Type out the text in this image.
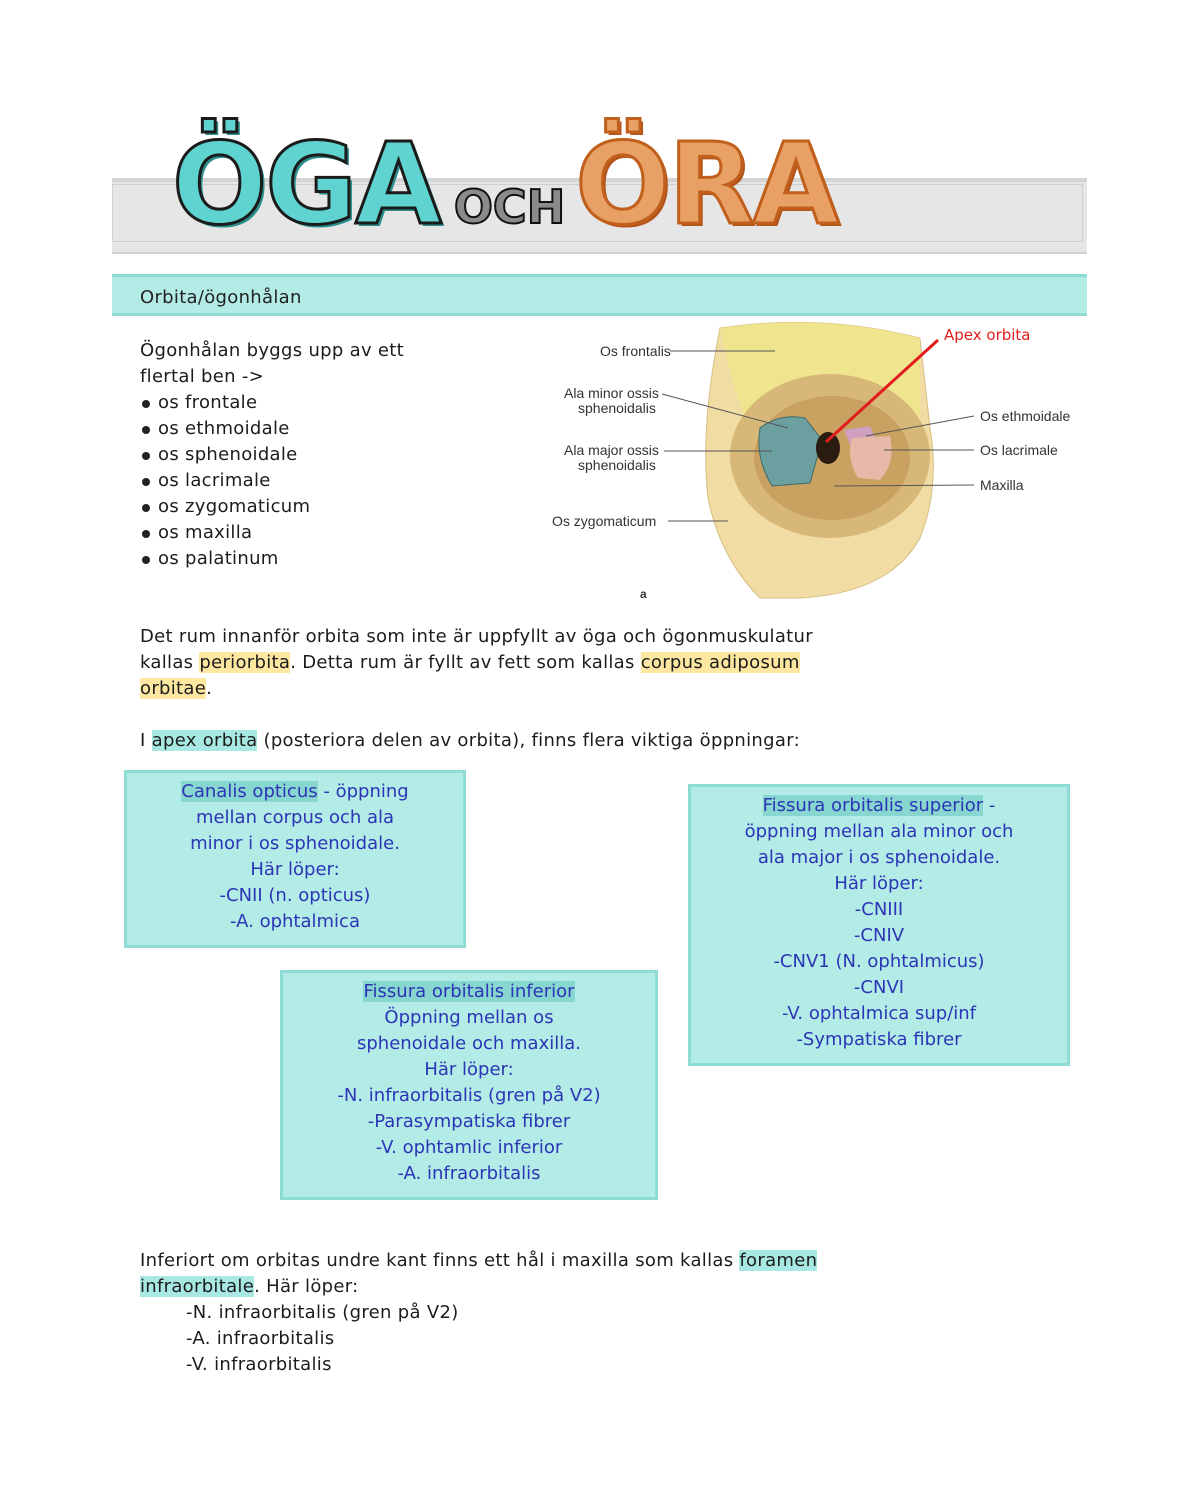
ÖGA OCHÖRA
Orbita/ögonhålan

Ögonhålan byggs upp av ett

flertal ben ->

os frontale
os ethmoidale
os sphenoidale
os lacrimale
os zygomaticum
os maxilla
os palatinum
Os frontalis
Ala minor ossis
sphenoidalis
Ala major ossis
sphenoidalis
Os zygomaticum
Apex orbita
Os ethmoidale
Os lacrimale
Maxilla
a

Det rum innanför orbita som inte är uppfyllt av öga och ögonmuskulatur

kallas periorbita. Detta rum är fyllt av fett som kallas corpus adiposum

orbitae.

I apex orbita (posteriora delen av orbita), finns flera viktiga öppningar:

Canalis opticus - öppning

mellan corpus och ala

minor i os sphenoidale.

Här löper:

-CNII (n. opticus)

-A. ophtalmica

Fissura orbitalis superior -

öppning mellan ala minor och

ala major i os sphenoidale.

Här löper:

-CNIII

-CNIV

-CNV1 (N. ophtalmicus)

-CNVI

-V. ophtalmica sup/inf

-Sympatiska fibrer

Fissura orbitalis inferior

Öppning mellan os

sphenoidale och maxilla.

Här löper:

-N. infraorbitalis (gren på V2)

-Parasympatiska fibrer

-V. ophtamlic inferior

-A. infraorbitalis

Inferiort om orbitas undre kant finns ett hål i maxilla som kallas foramen

infraorbitale. Här löper:

-N. infraorbitalis (gren på V2)

-A. infraorbitalis

-V. infraorbitalis
